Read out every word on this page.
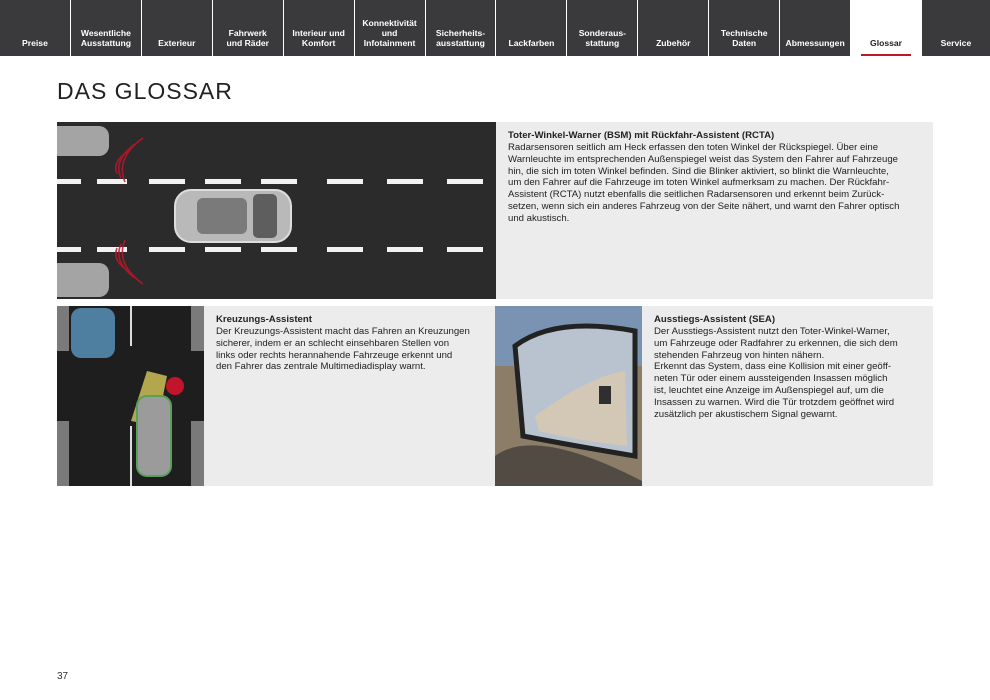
Preise
Wesentliche
Ausstattung	Exterieur
Fahrwerk
und Räder
Interieur und
Komfort
Konnektivität
und
Infotainment
Sicherheits-
ausstattung	Lackfarben
Sonderaus-
stattung	Zubehör
Technische
Daten	Abmessungen	Glossar	Service
DAS GLOSSAR
Toter-Winkel-Warner (BSM) mit Rückfahr-Assistent (RCTA)
Radarsensoren seitlich am Heck erfassen den toten Winkel der Rückspiegel. Über eine
Warnleuchte im entsprechenden Außenspiegel weist das System den Fahrer auf Fahrzeuge
hin, die sich im toten Winkel befinden. Sind die Blinker aktiviert, so blinkt die Warnleuchte,
um den Fahrer auf die Fahrzeuge im toten Winkel aufmerksam zu machen. Der Rückfahr-
Assistent (RCTA) nutzt ebenfalls die seitlichen Radarsensoren und erkennt beim Zurück-
setzen, wenn sich ein anderes Fahrzeug von der Seite nähert, und warnt den Fahrer optisch
und akustisch.
Kreuzungs-Assistent
Der Kreuzungs-Assistent macht das Fahren an Kreuzungen
sicherer, indem er an schlecht einsehbaren Stellen von
links oder rechts herannahende Fahrzeuge erkennt und
den Fahrer das zentrale Multimediadisplay warnt.
Ausstiegs-Assistent (SEA)
Der Ausstiegs-Assistent nutzt den Toter-Winkel-Warner,
um Fahrzeuge oder Radfahrer zu erkennen, die sich dem
stehenden Fahrzeug von hinten nähern.
Erkennt das System, dass eine Kollision mit einer geöff-
neten Tür oder einem aussteigenden Insassen möglich
ist, leuchtet eine Anzeige im Außenspiegel auf, um die
Insassen zu warnen. Wird die Tür trotzdem geöffnet wird
zusätzlich per akustischem Signal gewarnt.
37
